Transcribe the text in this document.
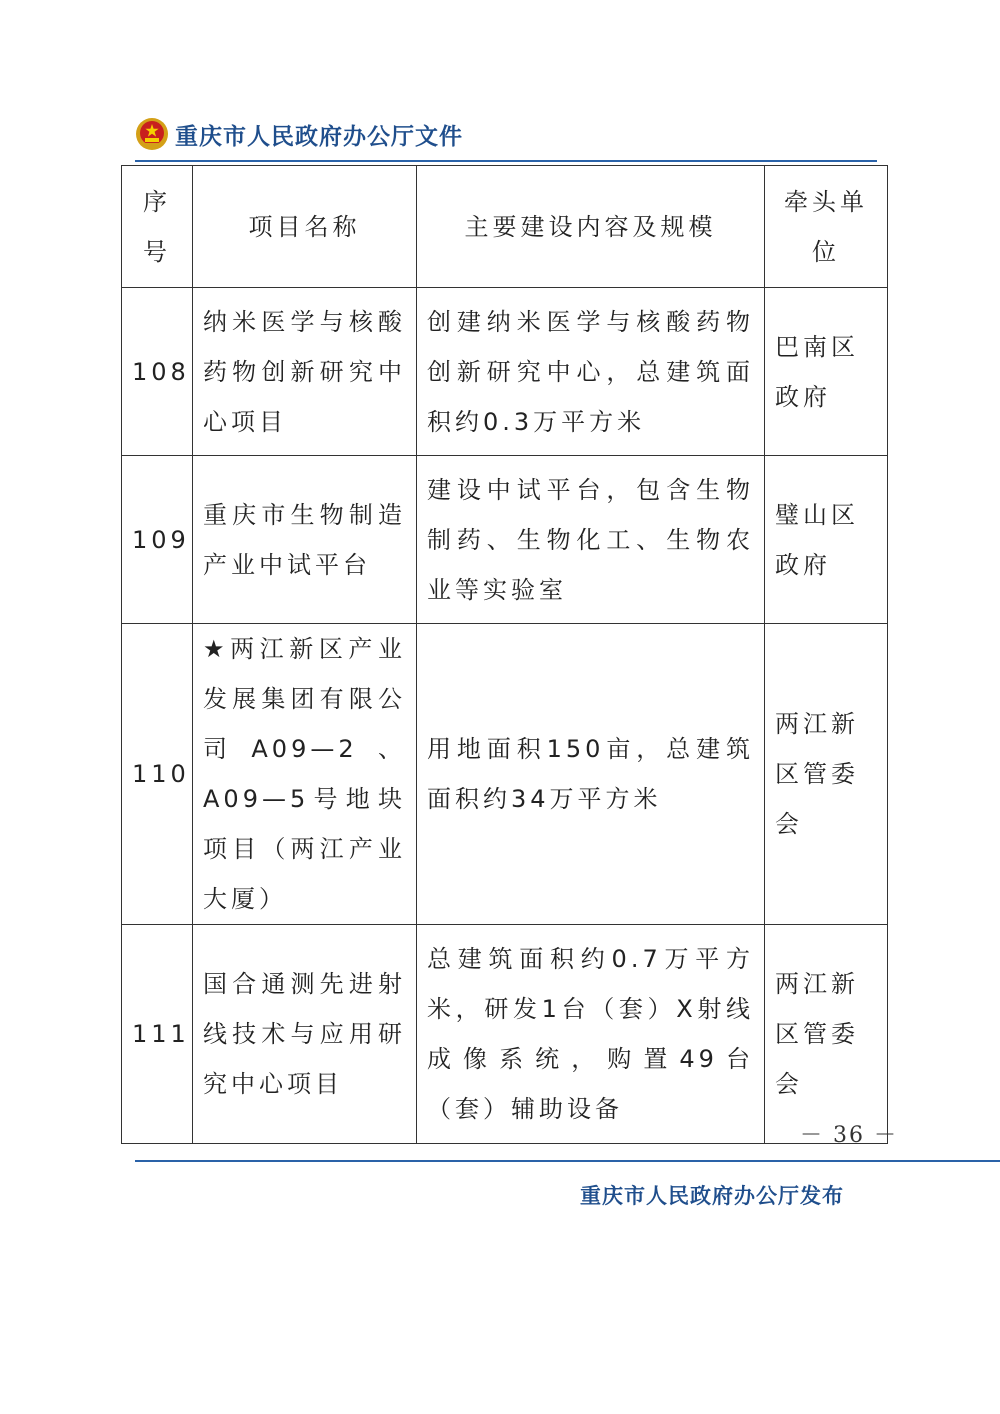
重庆市人民政府办公厅文件
序号	项目名称	主要建设内容及规模	牵头单位
108	纳米医学与核酸药物创新研究中心项目	创建纳米医学与核酸药物创新研究中心，总建筑面积约0.3万平方米	巴南区政府
109	重庆市生物制造产业中试平台	建设中试平台，包含生物制药、生物化工、生物农业等实验室	璧山区政府
110	★两江新区产业发展集团有限公司A09—2、A09—5号地块项目（两江产业大厦）	用地面积150亩，总建筑面积约34万平方米	两江新区管委会
111	国合通测先进射线技术与应用研究中心项目	总建筑面积约0.7万平方米，研发1台（套）X射线成像系统，购置49台（套）辅助设备	两江新区管委会
－ 36 －
重庆市人民政府办公厅发布
